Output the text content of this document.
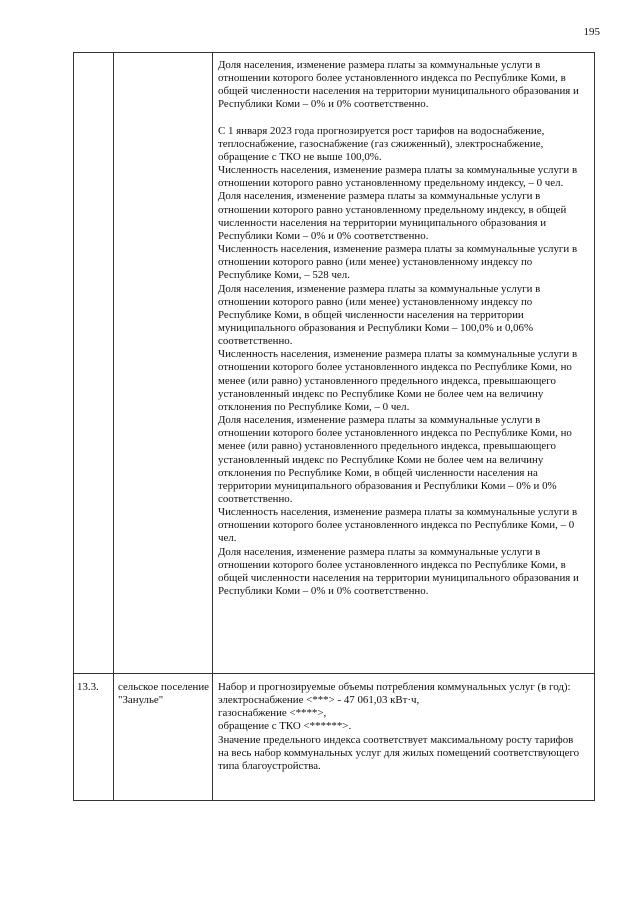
195

Доля населения, изменение размера платы за коммунальные услуги в отношении которого более установленного индекса по Республике Коми, в общей численности населения на территории муниципального образования и Республики Коми – 0% и 0% соответственно.

С 1 января 2023 года прогнозируется рост тарифов на водоснабжение, теплоснабжение, газоснабжение (газ сжиженный), электроснабжение, обращение с ТКО не выше 100,0%.

Численность населения, изменение размера платы за коммунальные услуги в отношении которого равно установленному предельному индексу, – 0 чел.

Доля населения, изменение размера платы за коммунальные услуги в отношении которого равно установленному предельному индексу, в общей численности населения на территории муниципального образования и Республики Коми – 0% и 0% соответственно.

Численность населения, изменение размера платы за коммунальные услуги в отношении которого равно (или менее) установленному индексу по Республике Коми, – 528 чел.

Доля населения, изменение размера платы за коммунальные услуги в отношении которого равно (или менее) установленному индексу по Республике Коми, в общей численности населения на территории муниципального образования и Республики Коми – 100,0% и 0,06% соответственно.

Численность населения, изменение размера платы за коммунальные услуги в отношении которого более установленного индекса по Республике Коми, но менее (или равно) установленного предельного индекса, превышающего установленный индекс по Республике Коми не более чем на величину отклонения по Республике Коми, – 0 чел.

Доля населения, изменение размера платы за коммунальные услуги в отношении которого более установленного индекса по Республике Коми, но менее (или равно) установленного предельного индекса, превышающего установленный индекс по Республике Коми не более чем на величину отклонения по Республике Коми, в общей численности населения на территории муниципального образования и Республики Коми – 0% и 0% соответственно.

Численность населения, изменение размера платы за коммунальные услуги в отношении которого более установленного индекса по Республике Коми, – 0 чел.

Доля населения, изменение размера платы за коммунальные услуги в отношении которого более установленного индекса по Республике Коми, в общей численности населения на территории муниципального образования и Республики Коми – 0% и 0% соответственно.

13.3.	сельское поселение "Занулье"

Набор и прогнозируемые объемы потребления коммунальных услуг (в год):

электроснабжение <***> - 47 061,03 кВт·ч,

газоснабжение <****>,

обращение с ТКО <******>.

Значение предельного индекса соответствует максимальному росту тарифов на весь набор коммунальных услуг для жилых помещений соответствующего типа благоустройства.
